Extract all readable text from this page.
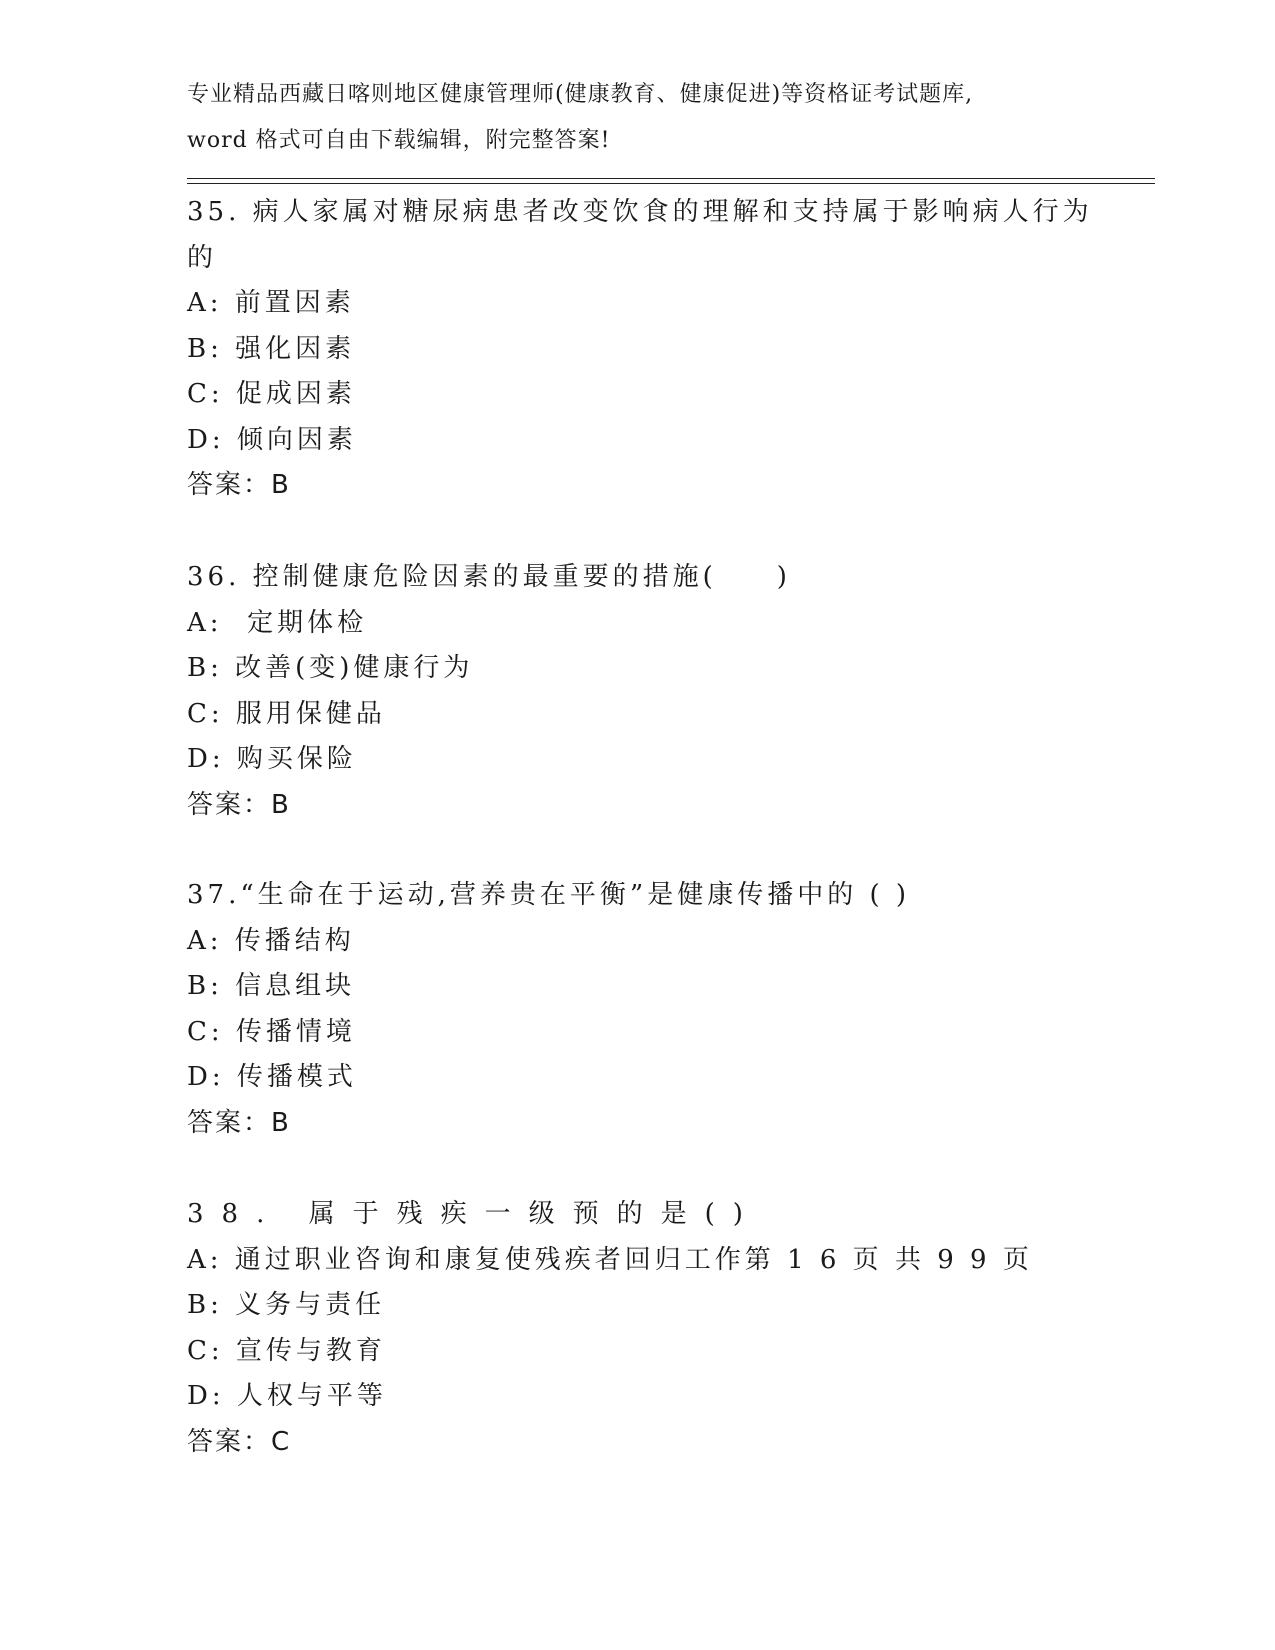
专业精品西藏日喀则地区健康管理师(健康教育、健康促进)等资格证考试题库,
word 格式可自由下载编辑，附完整答案!
35. 病人家属对糖尿病患者改变饮食的理解和支持属于影响病人行为
的
A: 前置因素
B: 强化因素
C: 促成因素
D: 倾向因素
答案：B
36. 控制健康危险因素的最重要的措施(　　)
A:  定期体检
B: 改善(变)健康行为
C: 服用保健品
D: 购买保险
答案：B
37.“生命在于运动,营养贵在平衡”是健康传播中的 ( )
A: 传播结构
B: 信息组块
C: 传播情境
D: 传播模式
答案：B
38. 属于残疾一级预的是()
A: 通过职业咨询和康复使残疾者回归工作第 1 6 页 共 9 9 页
B: 义务与责任
C: 宣传与教育
D: 人权与平等
答案：C
